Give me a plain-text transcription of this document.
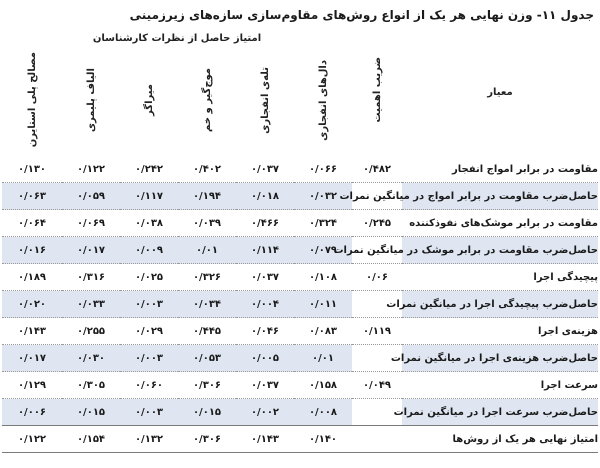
جدول ۱۱- وزن نهایی هر یک از انواع روش‌های مقاوم‌سازی سازه‌های زیرزمینی
معیار	ضریب اهمیت	امتیاز حاصل از نظرات کارشناسان					
		دال‌های انفجاری	تله‌ی انفجاری	موج‌گیر و خم	میراگر	الیاف پلیمری	مصالح پلی استایرن
مقاومت در برابر امواج انفجار	۰/۴۸۲	۰/۰۶۶	۰/۰۳۷	۰/۴۰۲	۰/۲۴۲	۰/۱۲۲	۰/۱۳۰
حاصل‌ضرب مقاومت در برابر امواج در میانگین نمرات		۰/۰۳۲	۰/۰۱۸	۰/۱۹۴	۰/۱۱۷	۰/۰۵۹	۰/۰۶۳
مقاومت در برابر موشک‌های نفوذکننده	۰/۲۴۵	۰/۳۲۴	۰/۴۶۶	۰/۰۳۹	۰/۰۳۸	۰/۰۶۹	۰/۰۶۴
حاصل‌ضرب مقاومت در برابر موشک در میانگین نمرات		۰/۰۷۹	۰/۱۱۴	۰/۰۱	۰/۰۰۹	۰/۰۱۷	۰/۰۱۶
پیچیدگی اجرا	۰/۰۶	۰/۱۰۸	۰/۰۳۷	۰/۳۲۶	۰/۰۲۵	۰/۳۱۶	۰/۱۸۹
حاصل‌ضرب پیچیدگی اجرا در میانگین نمرات		۰/۰۱۱	۰/۰۰۴	۰/۰۳۴	۰/۰۰۳	۰/۰۳۳	۰/۰۲۰
هزینه‌ی اجرا	۰/۱۱۹	۰/۰۸۳	۰/۰۴۶	۰/۴۴۵	۰/۰۲۹	۰/۲۵۵	۰/۱۴۳
حاصل‌ضرب هزینه‌ی اجرا در میانگین نمرات		۰/۰۱	۰/۰۰۵	۰/۰۵۳	۰/۰۰۳	۰/۰۳۰	۰/۰۱۷
سرعت اجرا	۰/۰۴۹	۰/۱۵۸	۰/۰۳۷	۰/۳۰۶	۰/۰۶۰	۰/۳۰۵	۰/۱۲۹
حاصل‌ضرب سرعت اجرا در میانگین نمرات		۰/۰۰۸	۰/۰۰۲	۰/۰۱۵	۰/۰۰۳	۰/۰۱۵	۰/۰۰۶
امتیاز نهایی هر یک از روش‌ها		۰/۱۴۰	۰/۱۴۳	۰/۳۰۶	۰/۱۳۲	۰/۱۵۴	۰/۱۲۲
